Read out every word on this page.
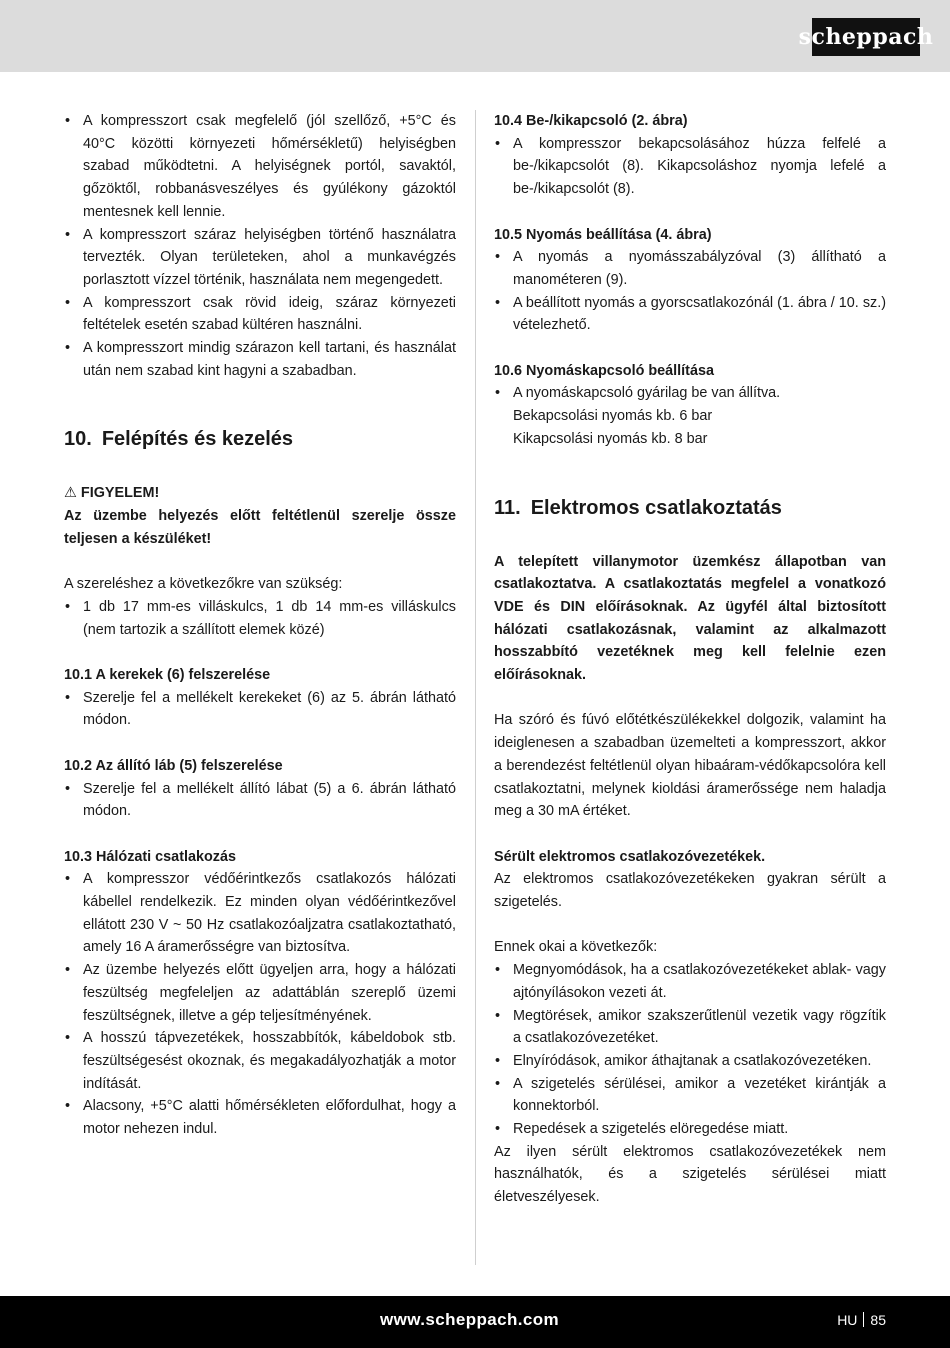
scheppach
• A kompresszort csak megfelelő (jól szellőző, +5°C és 40°C közötti környezeti hőmérsékletű) helyiségben szabad működtetni. A helyiségnek portól, savaktól, gőzöktől, robbanásveszélyes és gyúlékony gázoktól mentesnek kell lennie.
• A kompresszort száraz helyiségben történő használatra tervezték. Olyan területeken, ahol a munkavégzés porlasztott vízzel történik, használata nem megengedett.
• A kompresszort csak rövid ideig, száraz környezeti feltételek esetén szabad kültéren használni.
• A kompresszort mindig szárazon kell tartani, és használat után nem szabad kint hagyni a szabadban.
10. Felépítés és kezelés

⚠ FIGYELEM!

Az üzembe helyezés előtt feltétlenül szerelje össze teljesen a készüléket!

A szereléshez a következőkre van szükség:

• 1 db 17 mm-es villáskulcs, 1 db 14 mm-es villáskulcs (nem tartozik a szállított elemek közé)

10.1 A kerekek (6) felszerelése

• Szerelje fel a mellékelt kerekeket (6) az 5. ábrán látható módon.

10.2 Az állító láb (5) felszerelése

• Szerelje fel a mellékelt állító lábat (5) a 6. ábrán látható módon.

10.3 Hálózati csatlakozás

• A kompresszor védőérintkezős csatlakozós hálózati kábellel rendelkezik. Ez minden olyan védőérintkezővel ellátott 230 V ~ 50 Hz csatlakozóaljzatra csatlakoztatható, amely 16 A áramerősségre van biztosítva.
• Az üzembe helyezés előtt ügyeljen arra, hogy a hálózati feszültség megfeleljen az adattáblán szereplő üzemi feszültségnek, illetve a gép teljesítményének.
• A hosszú tápvezetékek, hosszabbítók, kábeldobok stb. feszültségesést okoznak, és megakadályozhatják a motor indítását.
• Alacsony, +5°C alatti hőmérsékleten előfordulhat, hogy a motor nehezen indul.

10.4 Be-/kikapcsoló (2. ábra)

• A kompresszor bekapcsolásához húzza felfelé a be-/kikapcsolót (8). Kikapcsoláshoz nyomja lefelé a be-/kikapcsolót (8).

10.5 Nyomás beállítása (4. ábra)

• A nyomás a nyomásszabályzóval (3) állítható a manométeren (9).
• A beállított nyomás a gyorscsatlakozónál (1. ábra / 10. sz.) vételezhető.

10.6 Nyomáskapcsoló beállítása

• A nyomáskapcsoló gyárilag be van állítva.

Bekapcsolási nyomás kb. 6 bar

Kikapcsolási nyomás kb. 8 bar

11. Elektromos csatlakoztatás

A telepített villanymotor üzemkész állapotban van csatlakoztatva. A csatlakoztatás megfelel a vonatkozó VDE és DIN előírásoknak. Az ügyfél által biztosított hálózati csatlakozásnak, valamint az alkalmazott hosszabbító vezetéknek meg kell felelnie ezen előírásoknak.

Ha szóró és fúvó előtétkészülékekkel dolgozik, valamint ha ideiglenesen a szabadban üzemelteti a kompresszort, akkor a berendezést feltétlenül olyan hibaáram-védőkapcsolóra kell csatlakoztatni, melynek kioldási áramerőssége nem haladja meg a 30 mA értéket.

Sérült elektromos csatlakozóvezetékek.

Az elektromos csatlakozóvezetékeken gyakran sérült a szigetelés.

Ennek okai a következők:

• Megnyomódások, ha a csatlakozóvezetékeket ablak- vagy ajtónyílásokon vezeti át.
• Megtörések, amikor szakszerűtlenül vezetik vagy rögzítik a csatlakozóvezetéket.
• Elnyíródások, amikor áthajtanak a csatlakozóvezetéken.
• A szigetelés sérülései, amikor a vezetéket kirántják a konnektorból.
• Repedések a szigetelés elöregedése miatt.

Az ilyen sérült elektromos csatlakozóvezetékek nem használhatók, és a szigetelés sérülései miatt életveszélyesek.

www.scheppach.com	HU 85
